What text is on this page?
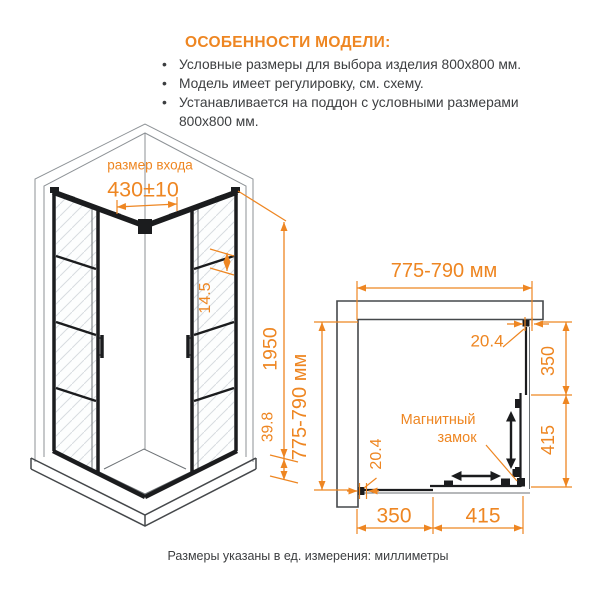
ОСОБЕННОСТИ МОДЕЛИ:
• Условные размеры для выбора изделия 800x800 мм.
• Модель имеет регулировку, см. схему.
• Устанавливается на поддон с условными размерами 800x800 мм.
размер входа
430±10
14.5
1950
39.8
775-790 мм
775-790 мм
20.4
350
415
20.4
Магнитный
замок
350	415
Размеры указаны в ед. измерения: миллиметры
